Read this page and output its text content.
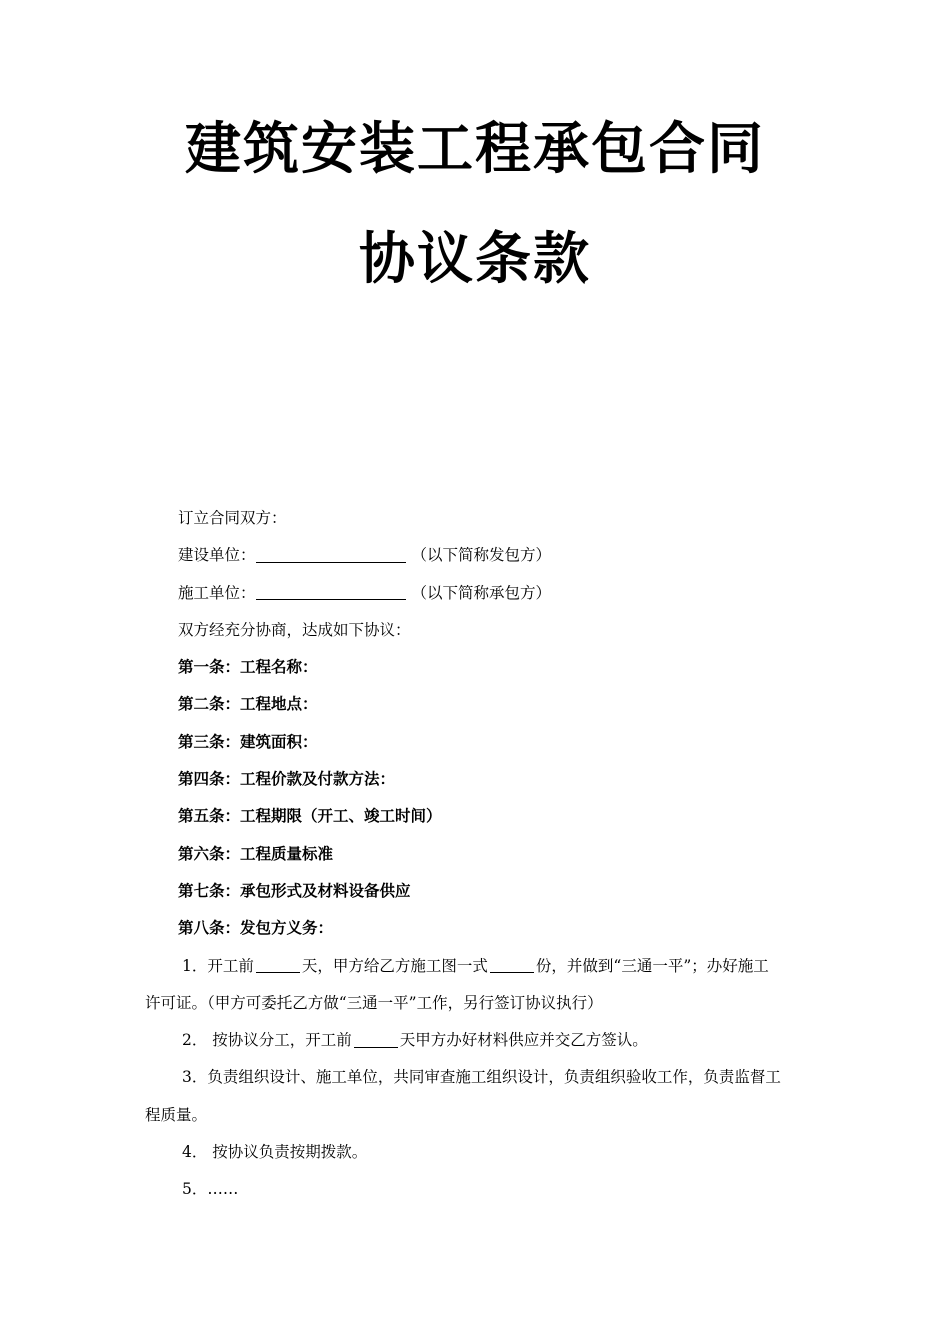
建筑安装工程承包合同
协议条款
订立合同双方：
建设单位：	（以下简称发包方）
施工单位：	（以下简称承包方）
双方经充分协商，达成如下协议：
第一条：工程名称：
第二条：工程地点：
第三条：建筑面积：
第四条：工程价款及付款方法：
第五条：工程期限（开工、竣工时间）
第六条：工程质量标准
第七条：承包形式及材料设备供应
第八条：发包方义务：
1．开工前	天，甲方给乙方施工图一式	份，并做到“三通一平”；办好施工
许可证。（甲方可委托乙方做“三通一平”工作，另行签订协议执行）
2． 按协议分工，开工前	天甲方办好材料供应并交乙方签认。
3．负责组织设计、施工单位，共同审查施工组织设计，负责组织验收工作，负责监督工
程质量。
4． 按协议负责按期拨款。
5．……
